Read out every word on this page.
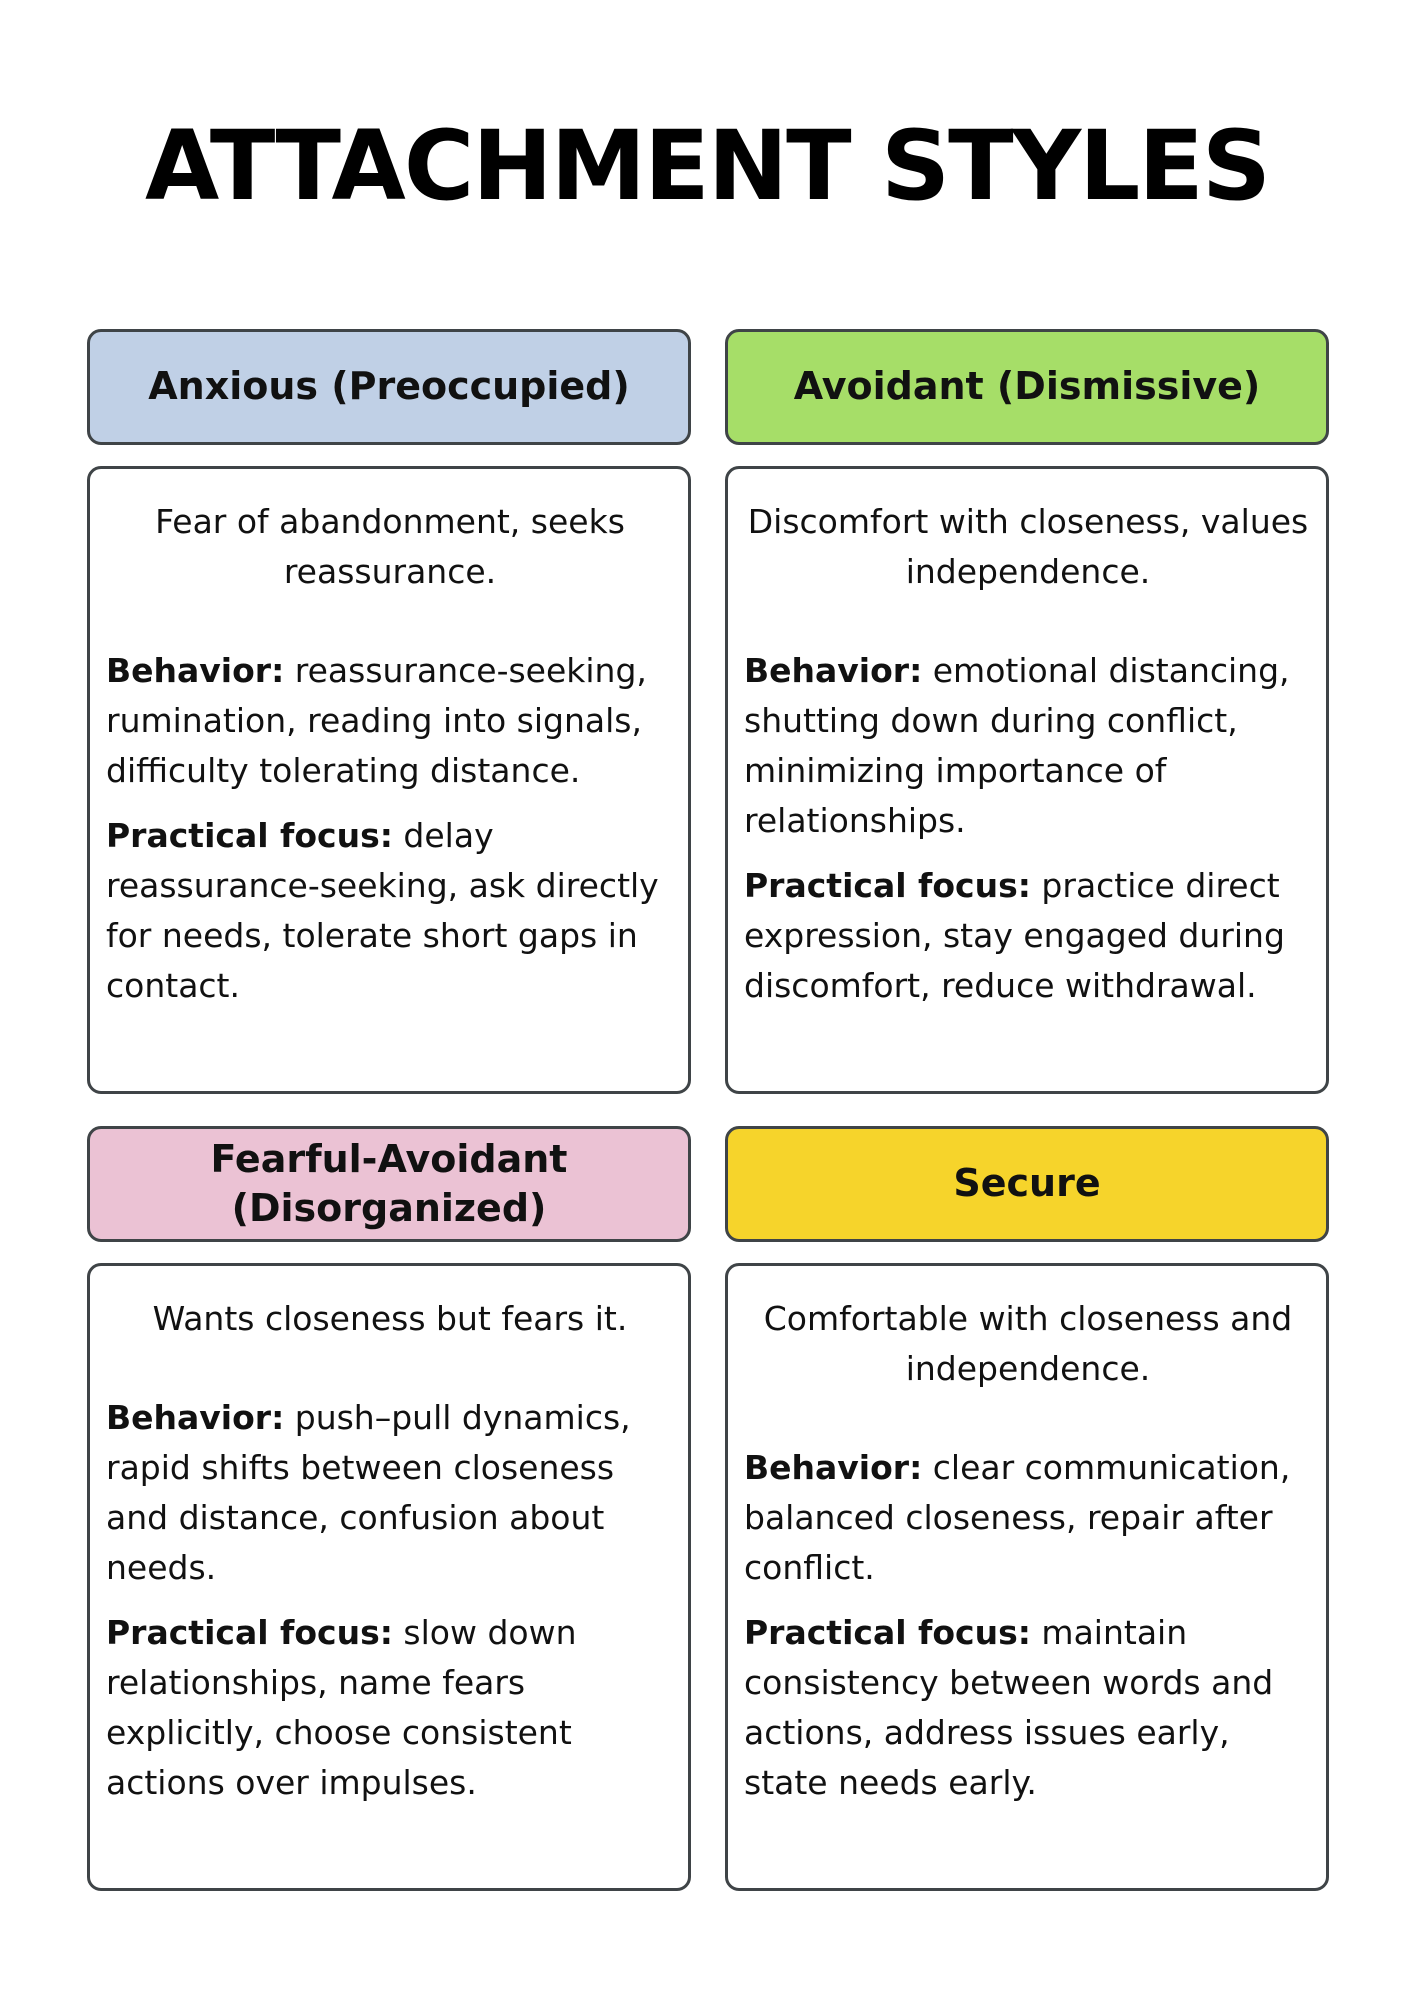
ATTACHMENT STYLES
Anxious (Preoccupied)

Fear of abandonment, seeks reassurance.

Behavior: reassurance-seeking, rumination, reading into signals, difficulty tolerating distance.

Practical focus: delay reassurance-seeking, ask directly for needs, tolerate short gaps in contact.

Avoidant (Dismissive)

Discomfort with closeness, values independence.

Behavior: emotional distancing, shutting down during conflict, minimizing importance of relationships.

Practical focus: practice direct expression, stay engaged during discomfort, reduce withdrawal.

Fearful-Avoidant (Disorganized)

Wants closeness but fears it.

Behavior: push–pull dynamics, rapid shifts between closeness and distance, confusion about needs.

Practical focus: slow down relationships, name fears explicitly, choose consistent actions over impulses.

Secure

Comfortable with closeness and independence.

Behavior: clear communication, balanced closeness, repair after conflict.

Practical focus: maintain consistency between words and actions, address issues early, state needs early.
